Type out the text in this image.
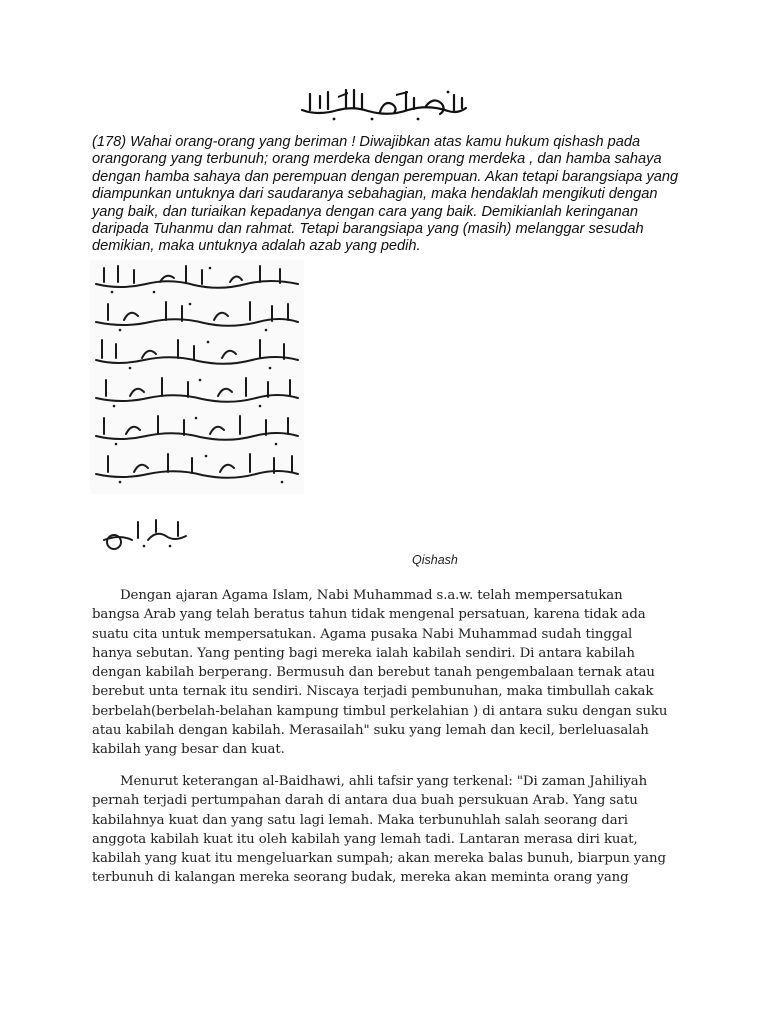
(178) Wahai orang-orang yang beriman ! Diwajibkan atas kamu hukum qishash pada orangorang yang terbunuh; orang merdeka dengan orang merdeka , dan hamba sahaya dengan hamba sahaya dan perempuan dengan perempuan. Akan tetapi barangsiapa yang diampunkan untuknya dari saudaranya sebahagian, maka hendaklah mengikuti dengan yang baik, dan turiaikan kepadanya dengan cara yang baik. Demikianlah keringanan daripada Tuhanmu dan rahmat. Tetapi barangsiapa yang (masih) melanggar sesudah demikian, maka untuknya adalah azab yang pedih.

Qishash

Dengan ajaran Agama Islam, Nabi Muhammad s.a.w. telah mempersatukan bangsa Arab yang telah beratus tahun tidak mengenal persatuan, karena tidak ada suatu cita untuk mempersatukan. Agama pusaka Nabi Muhammad sudah tinggal hanya sebutan. Yang penting bagi mereka ialah kabilah sendiri. Di antara kabilah dengan kabilah berperang. Bermusuh dan berebut tanah pengembalaan ternak atau berebut unta ternak itu sendiri. Niscaya terjadi pembunuhan, maka timbullah cakak berbelah(berbelah-belahan kampung timbul perkelahian ) di antara suku dengan suku atau kabilah dengan kabilah. Merasailah" suku yang lemah dan kecil, berleluasalah kabilah yang besar dan kuat.

Menurut keterangan al-Baidhawi, ahli tafsir yang terkenal: "Di zaman Jahiliyah pernah terjadi pertumpahan darah di antara dua buah persukuan Arab. Yang satu kabilahnya kuat dan yang satu lagi lemah. Maka terbunuhlah salah seorang dari anggota kabilah kuat itu oleh kabilah yang lemah tadi. Lantaran merasa diri kuat, kabilah yang kuat itu mengeluarkan sumpah; akan mereka balas bunuh, biarpun yang terbunuh di kalangan mereka seorang budak, mereka akan meminta orang yang
